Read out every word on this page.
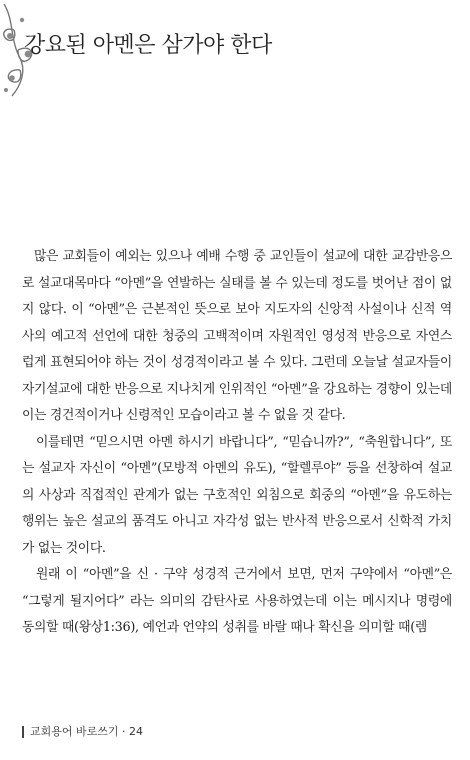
강요된 아멘은 삼가야 한다

많은 교회들이 예외는 있으나 예배 수행 중 교인들이 설교에 대한 교감반응으로 설교대목마다 “아멘”을 연발하는 실태를 볼 수 있는데 정도를 벗어난 점이 없지 않다. 이 “아멘”은 근본적인 뜻으로 보아 지도자의 신앙적 사설이나 신적 역사의 예고적 선언에 대한 청중의 고백적이며 자원적인 영성적 반응으로 자연스럽게 표현되어야 하는 것이 성경적이라고 볼 수 있다. 그런데 오늘날 설교자들이 자기설교에 대한 반응으로 지나치게 인위적인 “아멘”을 강요하는 경향이 있는데 이는 경건적이거나 신령적인 모습이라고 볼 수 없을 것 같다.

이를테면 “믿으시면 아멘 하시기 바랍니다”, “믿습니까?”, “축원합니다”, 또는 설교자 자신이 “아멘”(모방적 아멘의 유도), “할렐루야” 등을 선창하여 설교의 사상과 직접적인 관계가 없는 구호적인 외침으로 회중의 “아멘”을 유도하는 행위는 높은 설교의 품격도 아니고 자각성 없는 반사적 반응으로서 신학적 가치가 없는 것이다.

원래 이 “아멘”을 신 · 구약 성경적 근거에서 보면, 먼저 구약에서 “아멘”은 “그렇게 될지어다” 라는 의미의 감탄사로 사용하였는데 이는 메시지나 명령에 동의할 때(왕상1:36), 예언과 언약의 성취를 바랄 때나 확신을 의미할 때(렘

교회용어 바로쓰기 · 24
